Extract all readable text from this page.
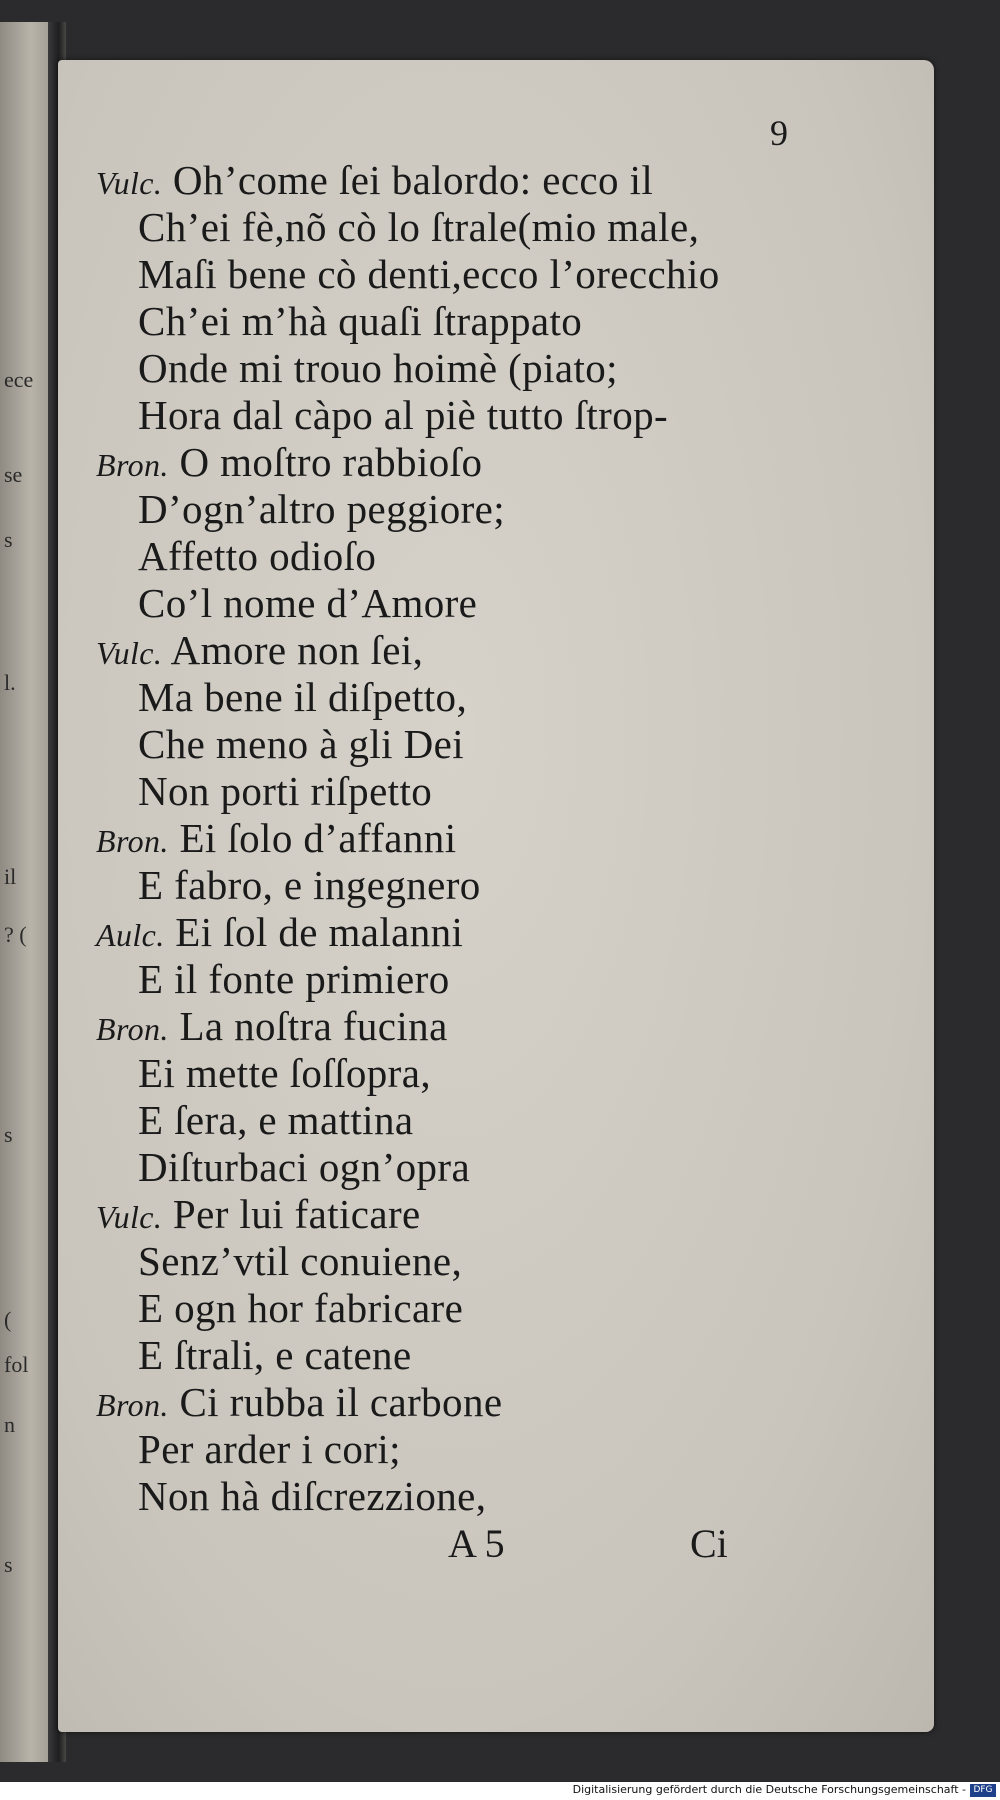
ece
se
s
l.
il
? (
s
(
fol
n
s
9
Vulc. Oh’come ſei balordo: ecco il
Ch’ei fè,nõ cò lo ſtrale(mio male,
Maſi bene cò denti,ecco l’orecchio
Ch’ei m’hà quaſi ſtrappato
Onde mi trouo hoimè (piato;
Hora dal càpo al piè tutto ſtrop-
Bron. O moſtro rabbioſo
D’ogn’altro peggiore;
Affetto odioſo
Co’l nome d’Amore
Vulc. Amore non ſei,
Ma bene il diſpetto,
Che meno à gli Dei
Non porti riſpetto
Bron. Ei ſolo d’affanni
E fabro, e ingegnero
Aulc. Ei ſol de malanni
E il fonte primiero
Bron. La noſtra fucina
Ei mette ſoſſopra,
E ſera, e mattina
Diſturbaci ogn’opra
Vulc. Per lui faticare
Senz’vtil conuiene,
E ogn hor fabricare
E ſtrali, e catene
Bron. Ci rubba il carbone
Per arder i cori;
Non hà diſcrezzione,
A 5	Ci
Digitalisierung gefördert durch die Deutsche Forschungsgemeinschaft - DFG
